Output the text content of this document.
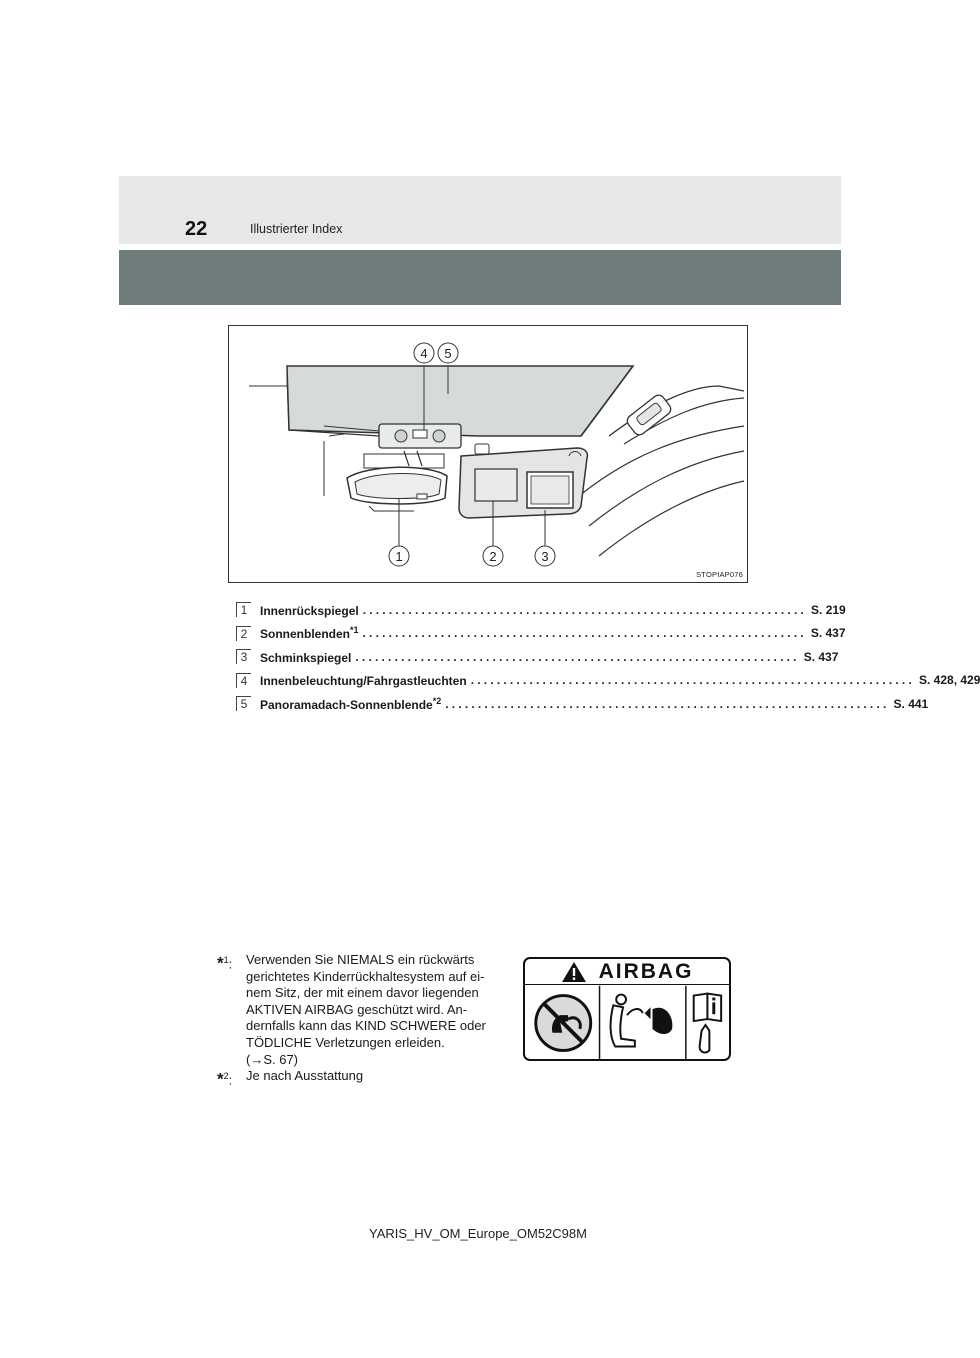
22	Illustrierter Index
4 5
1	2	3
STOPIAP076
1	Innenrückspiegel .................................................................... S. 219
2	Sonnenblenden$^{*1}$ .................................................................... S. 437
3	Schminkspiegel .................................................................... S. 437
4	Innenbeleuchtung/Fahrgastleuchten .................................................................... S. 428, 429
5	Panoramadach-Sonnenblende$^{*2}$ .................................................................... S. 441
*$^1$: Verwenden Sie NIEMALS ein rückwärts
gerichtetes Kinderrückhaltesystem auf ei-
nem Sitz, der mit einem davor liegenden
AKTIVEN AIRBAG geschützt wird. An-
dernfalls kann das KIND SCHWERE oder
TÖDLICHE Verletzungen erleiden.
(→S. 67)
*$^2$: Je nach Ausstattung
AIRBAG
YARIS_HV_OM_Europe_OM52C98M
